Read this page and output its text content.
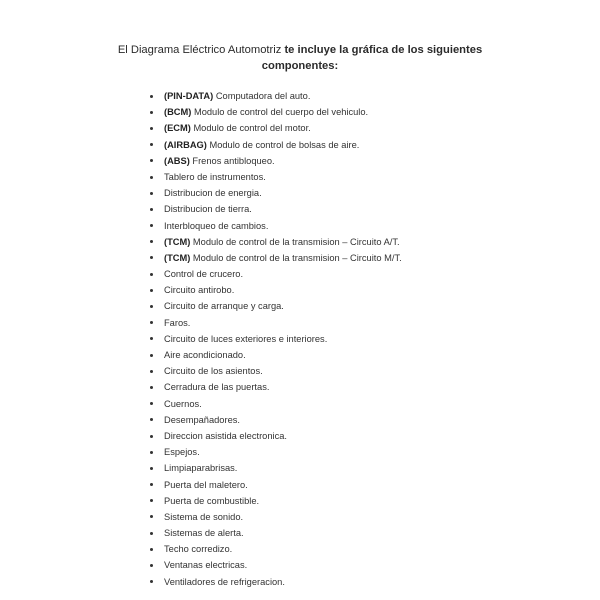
El Diagrama Eléctrico Automotriz te incluye la gráfica de los siguientes
componentes:

(PIN-DATA) Computadora del auto.
(BCM) Modulo de control del cuerpo del vehiculo.
(ECM) Modulo de control del motor.
(AIRBAG) Modulo de control de bolsas de aire.
(ABS) Frenos antibloqueo.
Tablero de instrumentos.
Distribucion de energia.
Distribucion de tierra.
Interbloqueo de cambios.
(TCM) Modulo de control de la transmision – Circuito A/T.
(TCM) Modulo de control de la transmision – Circuito M/T.
Control de crucero.
Circuito antirobo.
Circuito de arranque y carga.
Faros.
Circuito de luces exteriores e interiores.
Aire acondicionado.
Circuito de los asientos.
Cerradura de las puertas.
Cuernos.
Desempañadores.
Direccion asistida electronica.
Espejos.
Limpiaparabrisas.
Puerta del maletero.
Puerta de combustible.
Sistema de sonido.
Sistemas de alerta.
Techo corredizo.
Ventanas electricas.
Ventiladores de refrigeracion.
